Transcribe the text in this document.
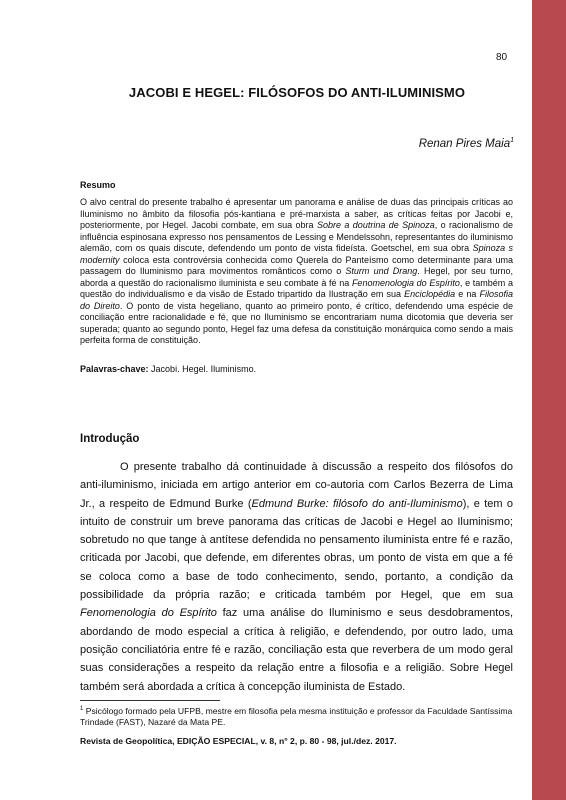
80
JACOBI E HEGEL: FILÓSOFOS DO ANTI-ILUMINISMO
Renan Pires Maia$^1$
Resumo
O alvo central do presente trabalho é apresentar um panorama e análise de duas das principais críticas ao Iluminismo no âmbito da filosofia pós-kantiana e pré-marxista a saber, as críticas feitas por Jacobi e, posteriormente, por Hegel. Jacobi combate, em sua obra Sobre a doutrina de Spinoza, o racionalismo de influência espinosana expresso nos pensamentos de Lessing e Mendelssohn, representantes do iluminismo alemão, com os quais discute, defendendo um ponto de vista fideísta. Goetschel, em sua obra Spinoza s modernity coloca esta controvérsia conhecida como Querela do Panteísmo como determinante para uma passagem do Iluminismo para movimentos românticos como o Sturm und Drang. Hegel, por seu turno, aborda a questão do racionalismo iluminista e seu combate à fé na Fenomenologia do Espírito, e também a questão do individualismo e da visão de Estado tripartido da Ilustração em sua Enciclopédia e na Filosofia do Direito. O ponto de vista hegeliano, quanto ao primeiro ponto, é crítico, defendendo uma espécie de conciliação entre racionalidade e fé, que no Iluminismo se encontrariam numa dicotomia que deveria ser superada; quanto ao segundo ponto, Hegel faz uma defesa da constituição monárquica como sendo a mais perfeita forma de constituição.
Palavras-chave: Jacobi. Hegel. Iluminismo.
Introdução

O presente trabalho dá continuidade à discussão a respeito dos filósofos do anti-iluminismo, iniciada em artigo anterior em co-autoria com Carlos Bezerra de Lima Jr., a respeito de Edmund Burke (Edmund Burke: filósofo do anti-Iluminismo), e tem o intuito de construir um breve panorama das críticas de Jacobi e Hegel ao Iluminismo; sobretudo no que tange à antítese defendida no pensamento iluminista entre fé e razão, criticada por Jacobi, que defende, em diferentes obras, um ponto de vista em que a fé se coloca como a base de todo conhecimento, sendo, portanto, a condição da possibilidade da própria razão; e criticada também por Hegel, que em sua Fenomenologia do Espírito faz uma análise do Iluminismo e seus desdobramentos, abordando de modo especial a crítica à religião, e defendendo, por outro lado, uma posição conciliatória entre fé e razão, conciliação esta que reverbera de um modo geral suas considerações a respeito da relação entre a filosofia e a religião. Sobre Hegel também será abordada a crítica à concepção iluminista de Estado.

$^1$ Psicólogo formado pela UFPB, mestre em filosofia pela mesma instituição e professor da Faculdade Santíssima Trindade (FAST), Nazaré da Mata PE.
Revista de Geopolítica, EDIÇÃO ESPECIAL, v. 8, n° 2, p. 80 - 98, jul./dez. 2017.
